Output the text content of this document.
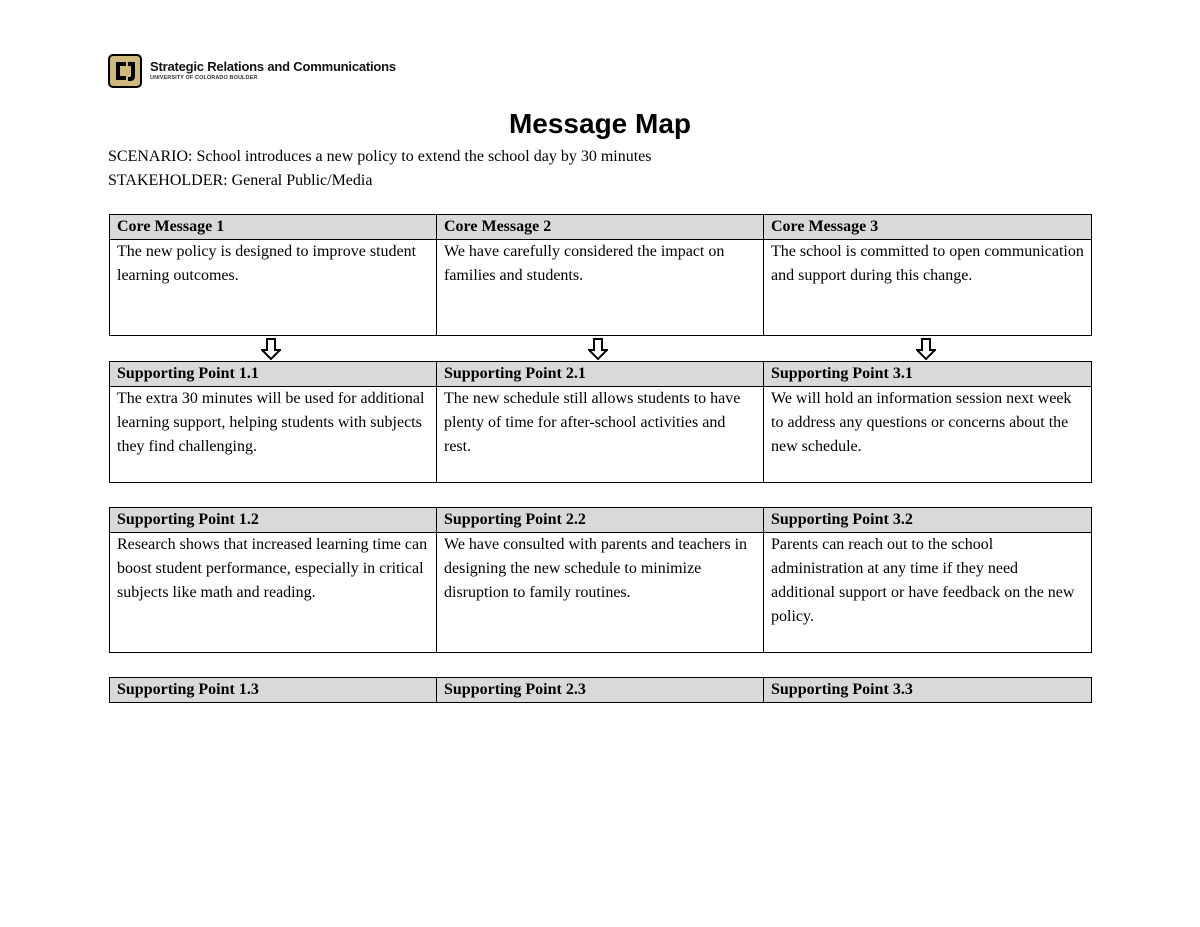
Strategic Relations and Communications
UNIVERSITY OF COLORADO BOULDER
Message Map
SCENARIO: School introduces a new policy to extend the school day by 30 minutes
STAKEHOLDER: General Public/Media
Core Message 1	Core Message 2	Core Message 3
The new policy is designed to improve student learning outcomes.	We have carefully considered the impact on families and students.	The school is committed to open communication and support during this change.
Supporting Point 1.1	Supporting Point 2.1	Supporting Point 3.1
The extra 30 minutes will be used for additional learning support, helping students with subjects they find challenging.	The new schedule still allows students to have plenty of time for after-school activities and rest.	We will hold an information session next week to address any questions or concerns about the new schedule.
Supporting Point 1.2	Supporting Point 2.2	Supporting Point 3.2
Research shows that increased learning time can boost student performance, especially in critical subjects like math and reading.	We have consulted with parents and teachers in designing the new schedule to minimize disruption to family routines.	Parents can reach out to the school administration at any time if they need additional support or have feedback on the new policy.
Supporting Point 1.3	Supporting Point 2.3	Supporting Point 3.3
